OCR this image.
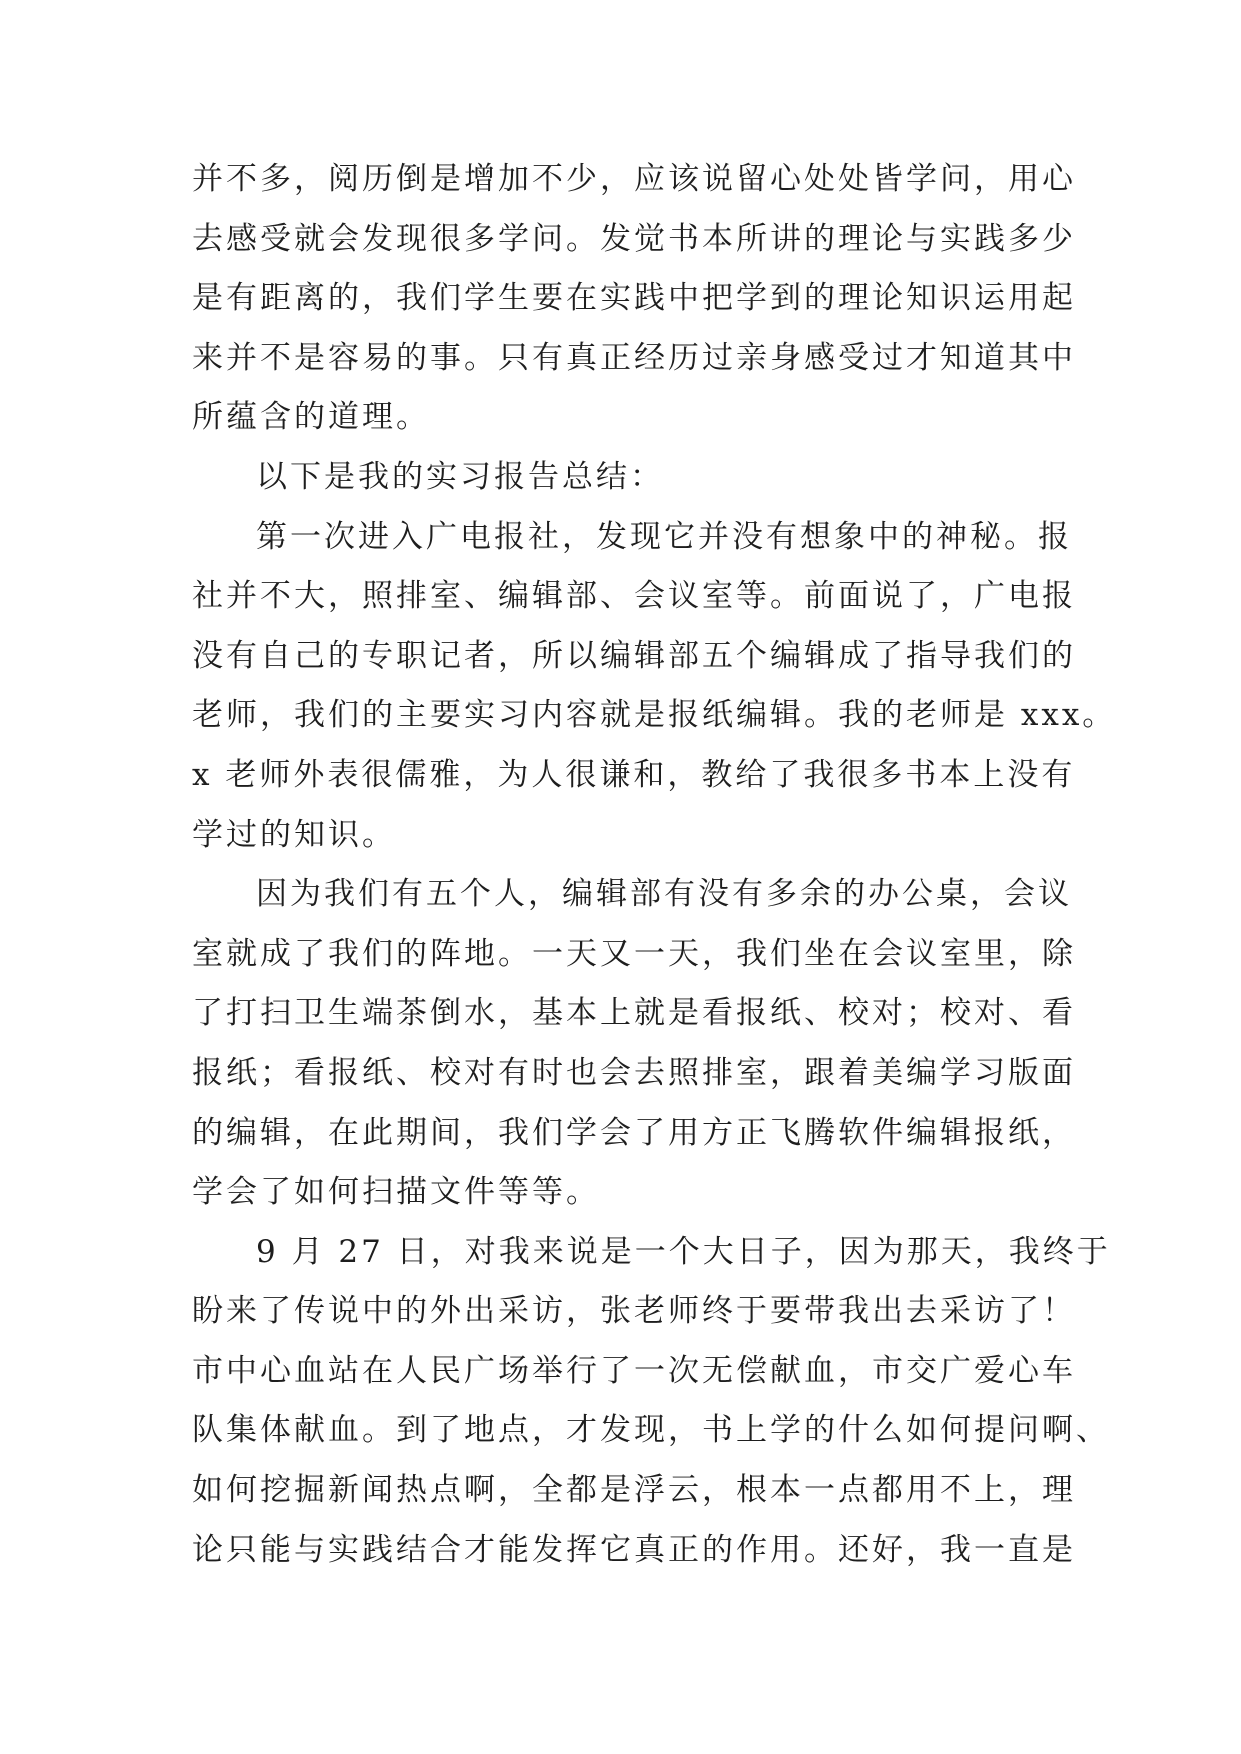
并不多，阅历倒是增加不少，应该说留心处处皆学问，用心
去感受就会发现很多学问。发觉书本所讲的理论与实践多少
是有距离的，我们学生要在实践中把学到的理论知识运用起
来并不是容易的事。只有真正经历过亲身感受过才知道其中
所蕴含的道理。
以下是我的实习报告总结：
第一次进入广电报社，发现它并没有想象中的神秘。报
社并不大，照排室、编辑部、会议室等。前面说了，广电报
没有自己的专职记者，所以编辑部五个编辑成了指导我们的
老师，我们的主要实习内容就是报纸编辑。我的老师是 xxx。
x 老师外表很儒雅，为人很谦和，教给了我很多书本上没有
学过的知识。
因为我们有五个人，编辑部有没有多余的办公桌，会议
室就成了我们的阵地。一天又一天，我们坐在会议室里，除
了打扫卫生端茶倒水，基本上就是看报纸、校对；校对、看
报纸；看报纸、校对有时也会去照排室，跟着美编学习版面
的编辑，在此期间，我们学会了用方正飞腾软件编辑报纸，
学会了如何扫描文件等等。
9 月 27 日，对我来说是一个大日子，因为那天，我终于
盼来了传说中的外出采访，张老师终于要带我出去采访了！
市中心血站在人民广场举行了一次无偿献血，市交广爱心车
队集体献血。到了地点，才发现，书上学的什么如何提问啊、
如何挖掘新闻热点啊，全都是浮云，根本一点都用不上，理
论只能与实践结合才能发挥它真正的作用。还好，我一直是
